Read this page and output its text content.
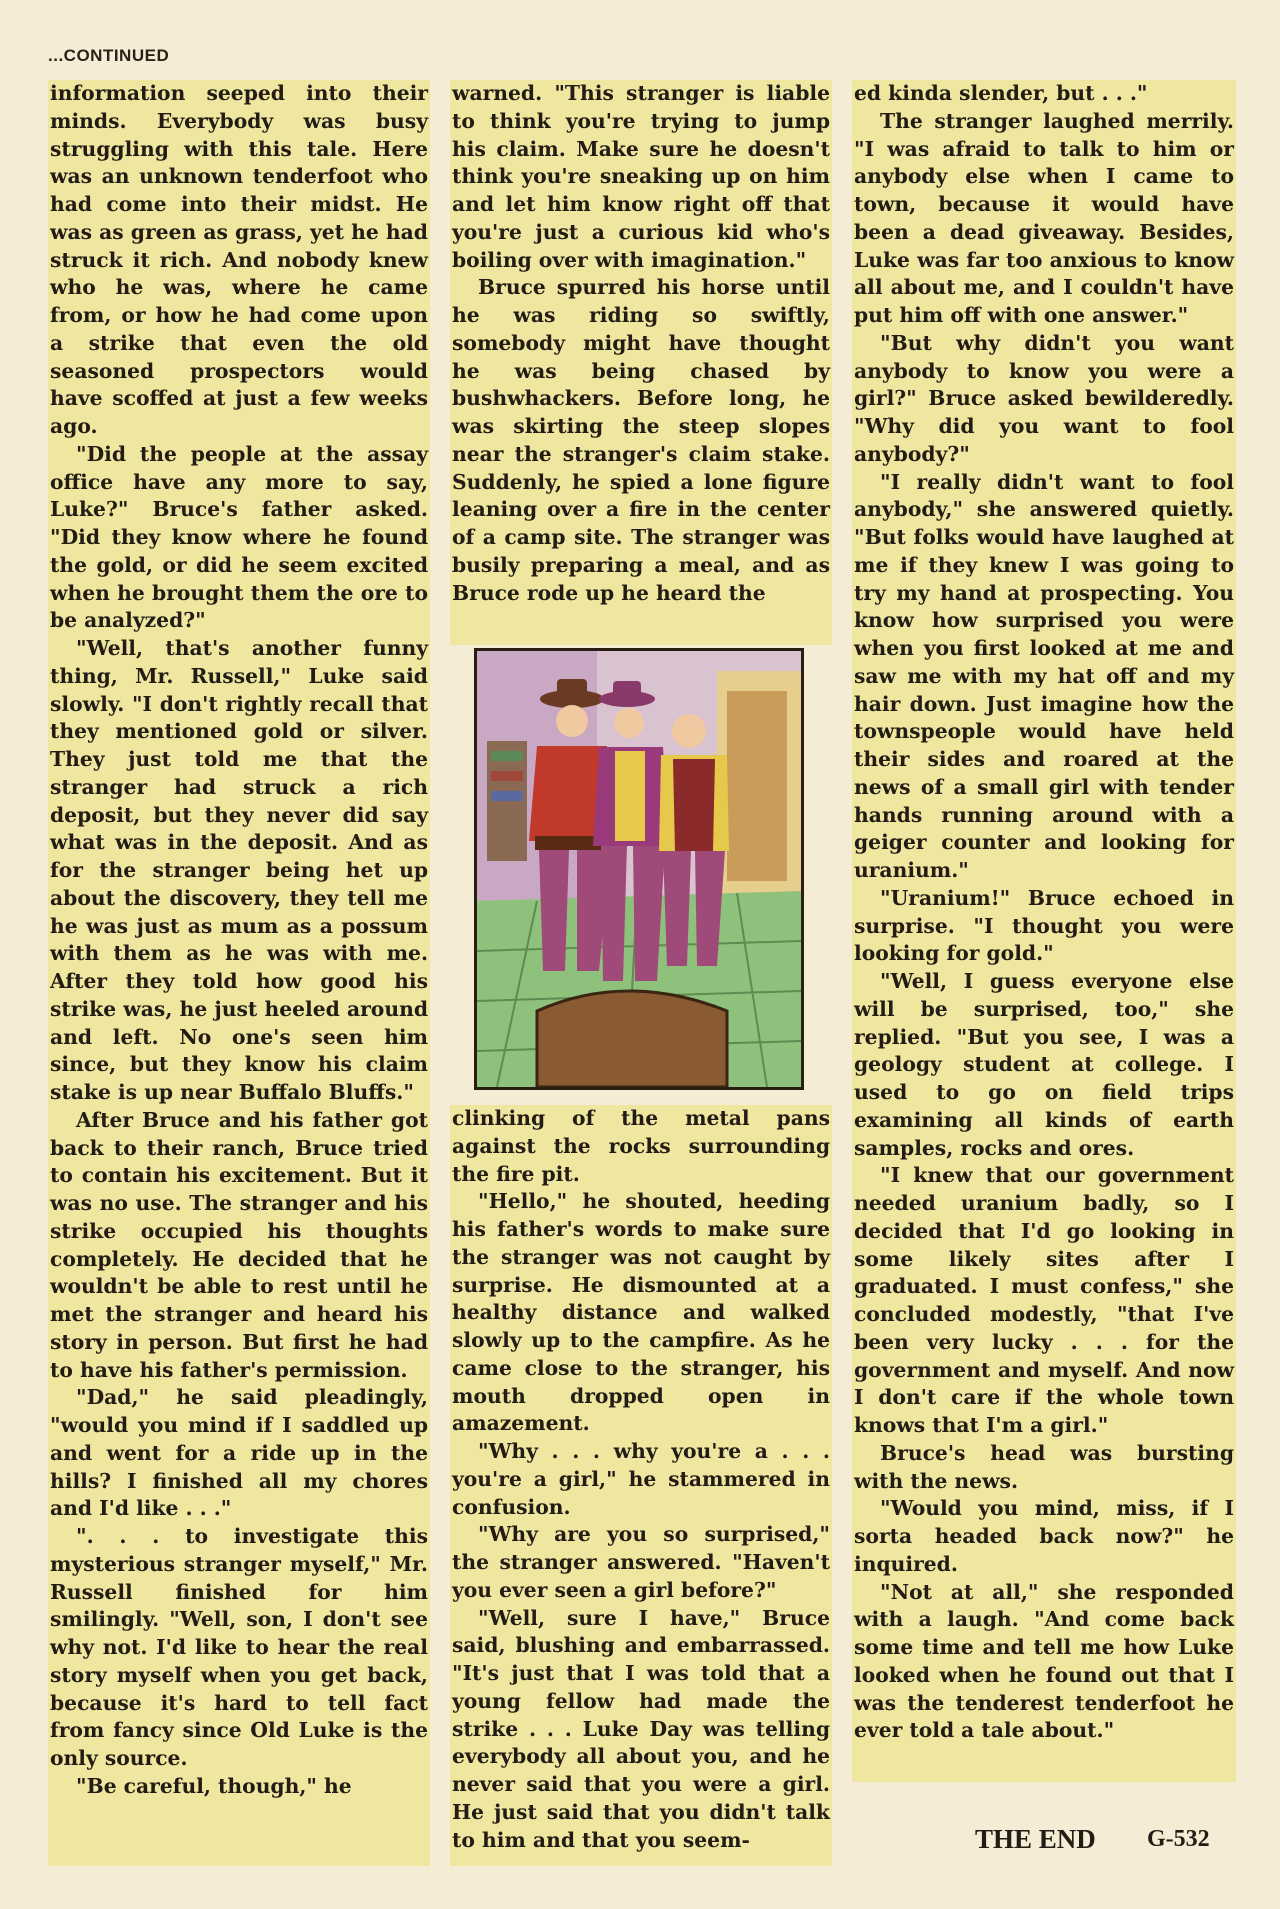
...CONTINUED

information seeped into their minds. Everybody was busy struggling with this tale. Here was an unknown tenderfoot who had come into their midst. He was as green as grass, yet he had struck it rich. And nobody knew who he was, where he came from, or how he had come upon a strike that even the old seasoned prospectors would have scoffed at just a few weeks ago.

"Did the people at the assay office have any more to say, Luke?" Bruce's father asked. "Did they know where he found the gold, or did he seem excited when he brought them the ore to be analyzed?"

"Well, that's another funny thing, Mr. Russell," Luke said slowly. "I don't rightly recall that they mentioned gold or silver. They just told me that the stranger had struck a rich deposit, but they never did say what was in the deposit. And as for the stranger being het up about the discovery, they tell me he was just as mum as a possum with them as he was with me. After they told how good his strike was, he just heeled around and left. No one's seen him since, but they know his claim stake is up near Buffalo Bluffs."

After Bruce and his father got back to their ranch, Bruce tried to contain his excitement. But it was no use. The stranger and his strike occupied his thoughts completely. He decided that he wouldn't be able to rest until he met the stranger and heard his story in person. But first he had to have his father's permission.

"Dad," he said pleadingly, "would you mind if I saddled up and went for a ride up in the hills? I finished all my chores and I'd like . . ."

". . . to investigate this mysterious stranger myself," Mr. Russell finished for him smilingly. "Well, son, I don't see why not. I'd like to hear the real story myself when you get back, because it's hard to tell fact from fancy since Old Luke is the only source.

"Be careful, though," he

warned. "This stranger is liable to think you're trying to jump his claim. Make sure he doesn't think you're sneaking up on him and let him know right off that you're just a curious kid who's boiling over with imagination."

Bruce spurred his horse until he was riding so swiftly, somebody might have thought he was being chased by bushwhackers. Before long, he was skirting the steep slopes near the stranger's claim stake. Suddenly, he spied a lone figure leaning over a fire in the center of a camp site. The stranger was busily preparing a meal, and as Bruce rode up he heard the

clinking of the metal pans against the rocks surrounding the fire pit.

"Hello," he shouted, heeding his father's words to make sure the stranger was not caught by surprise. He dismounted at a healthy distance and walked slowly up to the campfire. As he came close to the stranger, his mouth dropped open in amazement.

"Why . . . why you're a . . . you're a girl," he stammered in confusion.

"Why are you so surprised," the stranger answered. "Haven't you ever seen a girl before?"

"Well, sure I have," Bruce said, blushing and embarrassed. "It's just that I was told that a young fellow had made the strike . . . Luke Day was telling everybody all about you, and he never said that you were a girl. He just said that you didn't talk to him and that you seem-

ed kinda slender, but . . ."

The stranger laughed merrily. "I was afraid to talk to him or anybody else when I came to town, because it would have been a dead giveaway. Besides, Luke was far too anxious to know all about me, and I couldn't have put him off with one answer."

"But why didn't you want anybody to know you were a girl?" Bruce asked bewilderedly. "Why did you want to fool anybody?"

"I really didn't want to fool anybody," she answered quietly. "But folks would have laughed at me if they knew I was going to try my hand at prospecting. You know how surprised you were when you first looked at me and saw me with my hat off and my hair down. Just imagine how the townspeople would have held their sides and roared at the news of a small girl with tender hands running around with a geiger counter and looking for uranium."

"Uranium!" Bruce echoed in surprise. "I thought you were looking for gold."

"Well, I guess everyone else will be surprised, too," she replied. "But you see, I was a geology student at college. I used to go on field trips examining all kinds of earth samples, rocks and ores.

"I knew that our government needed uranium badly, so I decided that I'd go looking in some likely sites after I graduated. I must confess," she concluded modestly, "that I've been very lucky . . . for the government and myself. And now I don't care if the whole town knows that I'm a girl."

Bruce's head was bursting with the news.

"Would you mind, miss, if I sorta headed back now?" he inquired.

"Not at all," she responded with a laugh. "And come back some time and tell me how Luke looked when he found out that I was the tenderest tenderfoot he ever told a tale about."

THE END G-532
